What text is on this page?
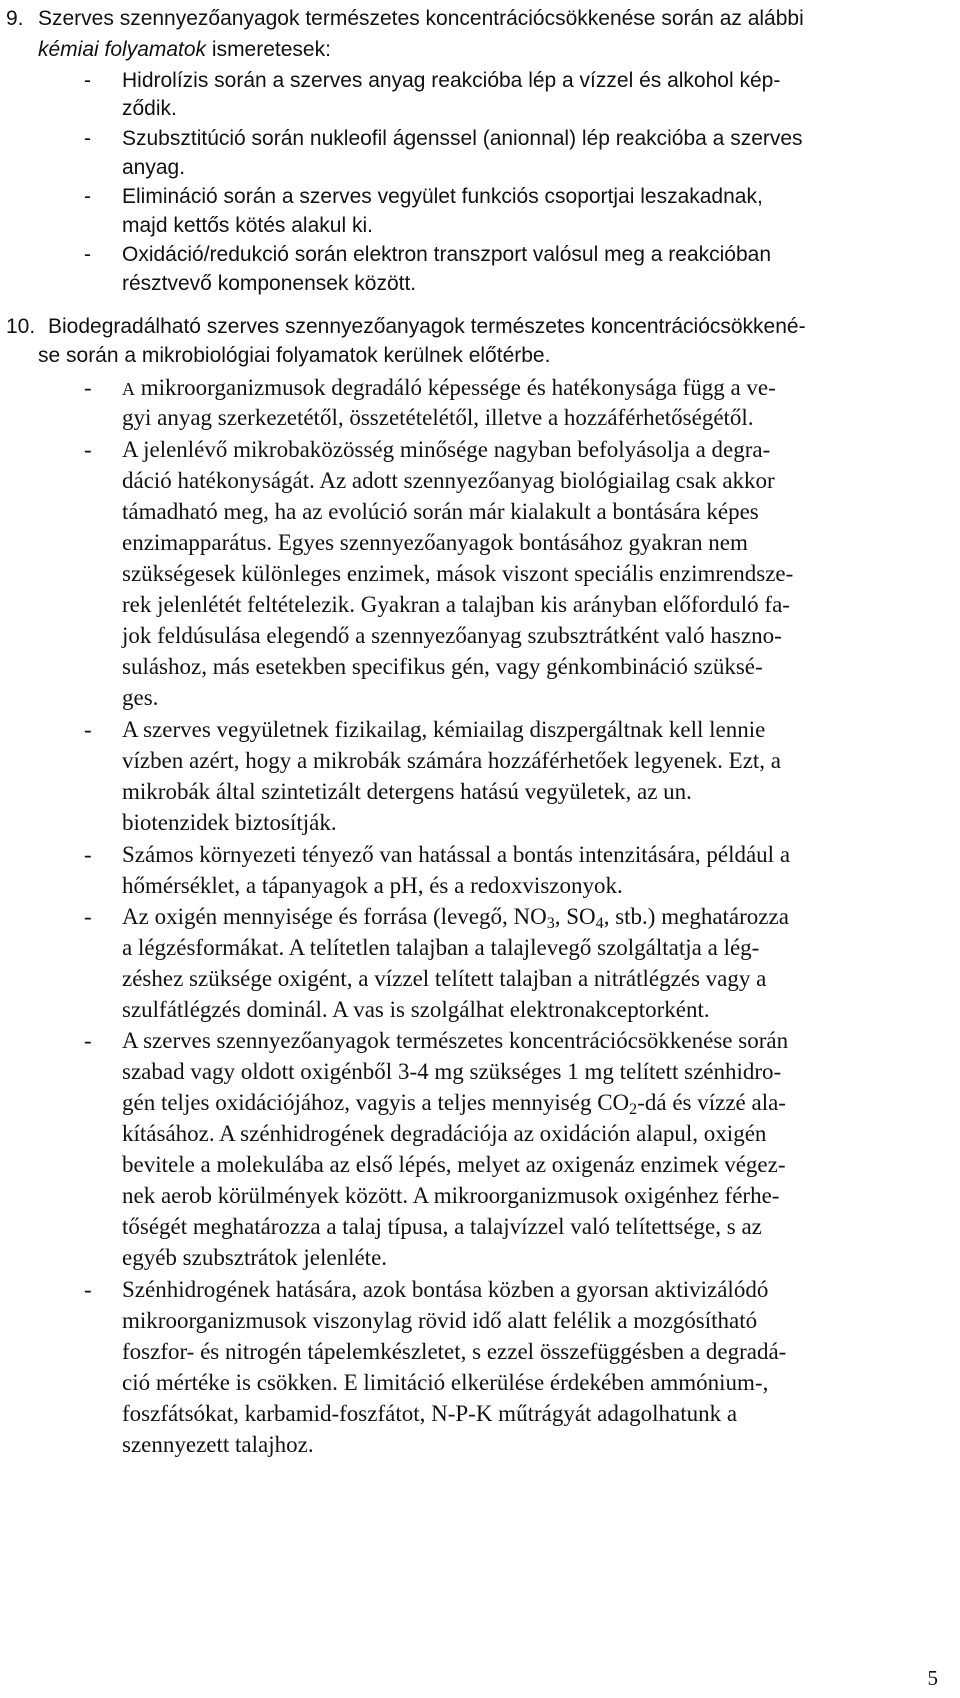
9. Szerves szennyezőanyagok természetes koncentrációcsökkenése során az alábbi
kémiai folyamatok ismeretesek:
- Hidrolízis során a szerves anyag reakcióba lép a vízzel és alkohol kép-
ződik.
- Szubsztitúció során nukleofil ágenssel (anionnal) lép reakcióba a szerves
anyag.
- Elimináció során a szerves vegyület funkciós csoportjai leszakadnak,
majd kettős kötés alakul ki.
- Oxidáció/redukció során elektron transzport valósul meg a reakcióban
résztvevő komponensek között.
10. Biodegradálható szerves szennyezőanyagok természetes koncentrációcsökkené-
se során a mikrobiológiai folyamatok kerülnek előtérbe.
- A mikroorganizmusok degradáló képessége és hatékonysága függ a ve-
gyi anyag szerkezetétől, összetételétől, illetve a hozzáférhetőségétől.
- A jelenlévő mikrobaközösség minősége nagyban befolyásolja a degra-
dáció hatékonyságát. Az adott szennyezőanyag biológiailag csak akkor
támadható meg, ha az evolúció során már kialakult a bontására képes
enzimapparátus. Egyes szennyezőanyagok bontásához gyakran nem
szükségesek különleges enzimek, mások viszont speciális enzimrendsze-
rek jelenlétét feltételezik. Gyakran a talajban kis arányban előforduló fa-
jok feldúsulása elegendő a szennyezőanyag szubsztrátként való haszno-
suláshoz, más esetekben specifikus gén, vagy génkombináció szüksé-
ges.
- A szerves vegyületnek fizikailag, kémiailag diszpergáltnak kell lennie
vízben azért, hogy a mikrobák számára hozzáférhetőek legyenek. Ezt, a
mikrobák által szintetizált detergens hatású vegyületek, az un.
biotenzidek biztosítják.
- Számos környezeti tényező van hatással a bontás intenzitására, például a
hőmérséklet, a tápanyagok a pH, és a redoxviszonyok.
- Az oxigén mennyisége és forrása (levegő, $NO_3$, $SO_4$, stb.) meghatározza
a légzésformákat. A telítetlen talajban a talajlevegő szolgáltatja a lég-
zéshez szüksége oxigént, a vízzel telített talajban a nitrátlégzés vagy a
szulfátlégzés dominál. A vas is szolgálhat elektronakceptorként.
- A szerves szennyezőanyagok természetes koncentrációcsökkenése során
szabad vagy oldott oxigénből 3-4 mg szükséges 1 mg telített szénhidro-
gén teljes oxidációjához, vagyis a teljes mennyiség $CO_2-dá$ és vízzé ala-
kításához. A szénhidrogének degradációja az oxidáción alapul, oxigén
bevitele a molekulába az első lépés, melyet az oxigenáz enzimek végez-
nek aerob körülmények között. A mikroorganizmusok oxigénhez férhe-
tőségét meghatározza a talaj típusa, a talajvízzel való telítettsége, s az
egyéb szubsztrátok jelenléte.
- Szénhidrogének hatására, azok bontása közben a gyorsan aktivizálódó
mikroorganizmusok viszonylag rövid idő alatt felélik a mozgósítható
foszfor- és nitrogén tápelemkészletet, s ezzel összefüggésben a degradá-
ció mértéke is csökken. E limitáció elkerülése érdekében ammónium-,
foszfátsókat, karbamid-foszfátot, N-P-K műtrágyát adagolhatunk a
szennyezett talajhoz.
5
